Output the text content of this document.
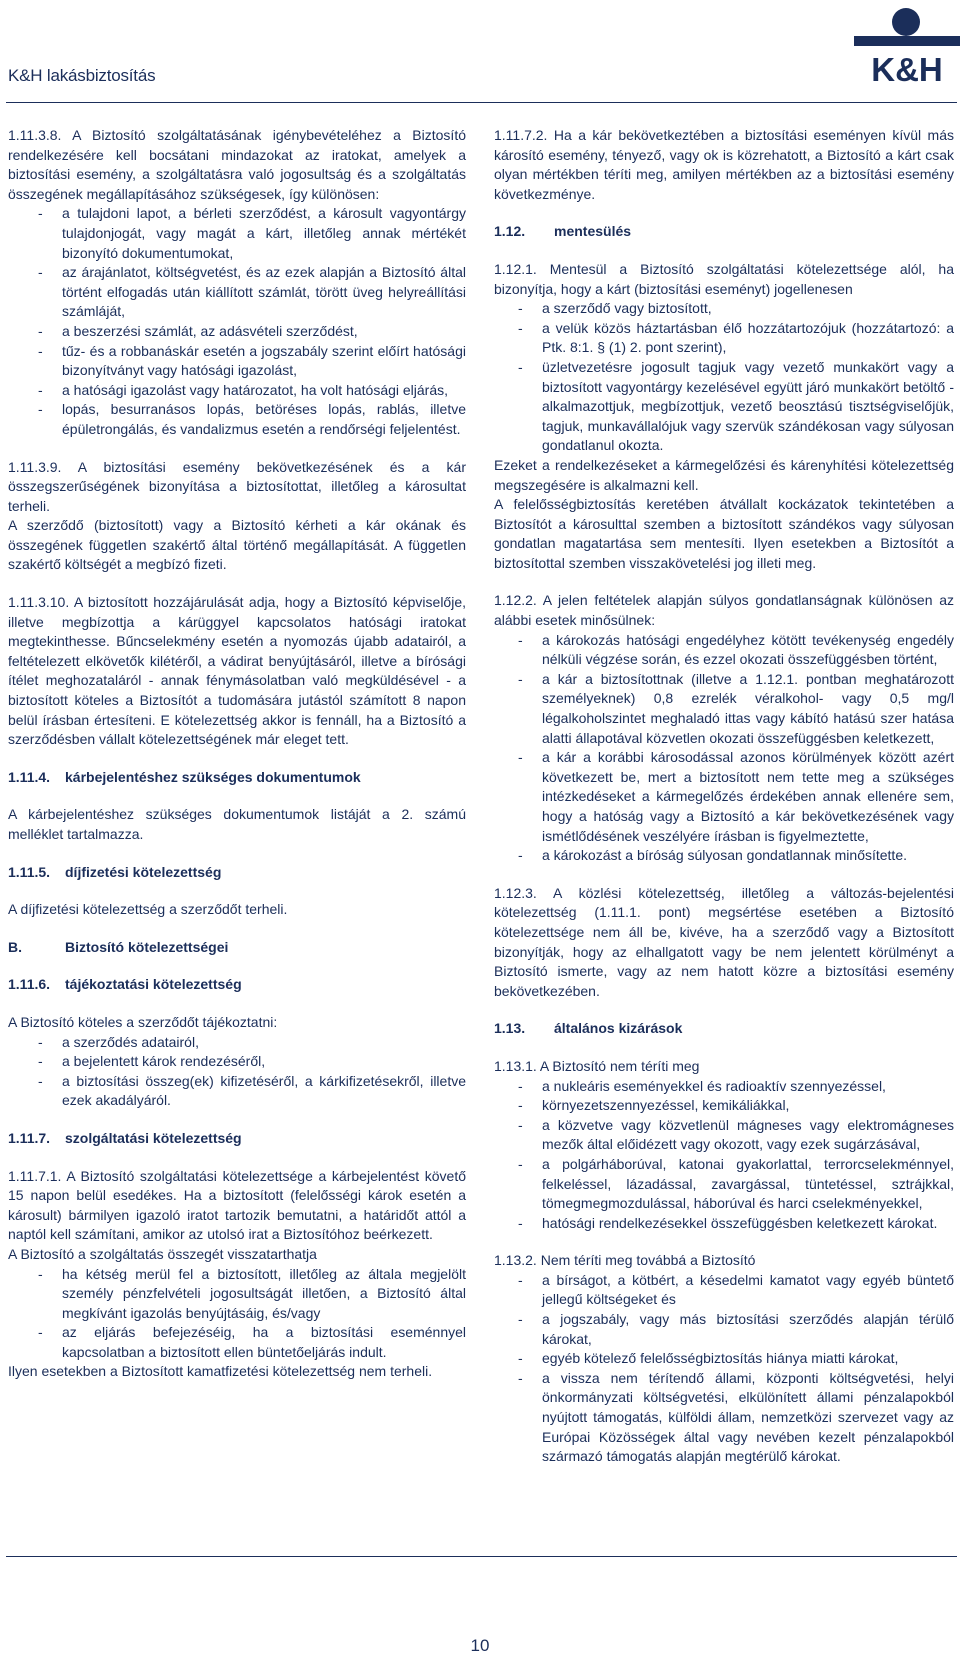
K&H lakásbiztosítás	K&H

1.11.3.8. A Biztosító szolgáltatásának igénybevételéhez a Biztosító rendelkezésére kell bocsátani mindazokat az iratokat, amelyek a biztosítási esemény, a szolgáltatásra való jogosultság és a szolgáltatás összegének megállapításához szükségesek, így különösen:

- a tulajdoni lapot, a bérleti szerződést, a károsult vagyontárgy tulajdonjogát, vagy magát a kárt, illetőleg annak mértékét bizonyító dokumentumokat,
- az árajánlatot, költségvetést, és az ezek alapján a Biztosító által történt elfogadás után kiállított számlát, törött üveg helyreállítási számláját,
- a beszerzési számlát, az adásvételi szerződést,
- tűz- és a robbanáskár esetén a jogszabály szerint előírt hatósági bizonyítványt vagy hatósági igazolást,
- a hatósági igazolást vagy határozatot, ha volt hatósági eljárás,
- lopás, besurranásos lopás, betöréses lopás, rablás, illetve épületrongálás, és vandalizmus esetén a rendőrségi feljelentést.

1.11.3.9. A biztosítási esemény bekövetkezésének és a kár összegszerűségének bizonyítása a biztosítottat, illetőleg a károsultat terheli.

A szerződő (biztosított) vagy a Biztosító kérheti a kár okának és összegének független szakértő által történő megállapítását. A független szakértő költségét a megbízó fizeti.

1.11.3.10. A biztosított hozzájárulását adja, hogy a Biztosító képviselője, illetve megbízottja a kárüggyel kapcsolatos hatósági iratokat megtekinthesse. Bűncselekmény esetén a nyomozás újabb adatairól, a feltételezett elkövetők kilétéről, a vádirat benyújtásáról, illetve a bírósági ítélet meghozataláról - annak fénymásolatban való megküldésével - a biztosított köteles a Biztosítót a tudomására jutástól számított 8 napon belül írásban értesíteni. E kötelezettség akkor is fennáll, ha a Biztosító a szerződésben vállalt kötelezettségének már eleget tett.

1.11.4. kárbejelentéshez szükséges dokumentumok

A kárbejelentéshez szükséges dokumentumok listáját a 2. számú melléklet tartalmazza.

1.11.5. díjfizetési kötelezettség

A díjfizetési kötelezettség a szerződőt terheli.

B.	Biztosító kötelezettségei

1.11.6. tájékoztatási kötelezettség

A Biztosító köteles a szerződőt tájékoztatni:

- a szerződés adatairól,
- a bejelentett károk rendezéséről,
- a biztosítási összeg(ek) kifizetéséről, a kárkifizetésekről, illetve ezek akadályáról.

1.11.7. szolgáltatási kötelezettség

1.11.7.1. A Biztosító szolgáltatási kötelezettsége a kárbejelentést követő 15 napon belül esedékes. Ha a biztosított (felelősségi károk esetén a károsult) bármilyen igazoló iratot tartozik bemutatni, a határidőt attól a naptól kell számítani, amikor az utolsó irat a Biztosítóhoz beérkezett.

A Biztosító a szolgáltatás összegét visszatarthatja

- ha kétség merül fel a biztosított, illetőleg az általa megjelölt személy pénzfelvételi jogosultságát illetően, a Biztosító által megkívánt igazolás benyújtásáig, és/vagy
- az eljárás befejezéséig, ha a biztosítási eseménnyel kapcsolatban a biztosított ellen büntetőeljárás indult.

Ilyen esetekben a Biztosított kamatfizetési kötelezettség nem terheli.

1.11.7.2. Ha a kár bekövetkeztében a biztosítási eseményen kívül más károsító esemény, tényező, vagy ok is közrehatott, a Biztosító a kárt csak olyan mértékben téríti meg, amilyen mértékben az a biztosítási esemény következménye.

1.12. mentesülés

1.12.1. Mentesül a Biztosító szolgáltatási kötelezettsége alól, ha bizonyítja, hogy a kárt (biztosítási eseményt) jogellenesen

- a szerződő vagy biztosított,
- a velük közös háztartásban élő hozzátartozójuk (hozzátartozó: a Ptk. 8:1. § (1) 2. pont szerint),
- üzletvezetésre jogosult tagjuk vagy vezető munkakört vagy a biztosított vagyontárgy kezelésével együtt járó munkakört betöltő - alkalmazottjuk, megbízottjuk, vezető beosztású tisztségviselőjük, tagjuk, munkavállalójuk vagy szervük szándékosan vagy súlyosan gondatlanul okozta.

Ezeket a rendelkezéseket a kármegelőzési és kárenyhítési kötelezettség megszegésére is alkalmazni kell.

A felelősségbiztosítás keretében átvállalt kockázatok tekintetében a Biztosítót a károsulttal szemben a biztosított szándékos vagy súlyosan gondatlan magatartása sem mentesíti. Ilyen esetekben a Biztosítót a biztosítottal szemben visszakövetelési jog illeti meg.

1.12.2. A jelen feltételek alapján súlyos gondatlanságnak különösen az alábbi esetek minősülnek:

- a károkozás hatósági engedélyhez kötött tevékenység engedély nélküli végzése során, és ezzel okozati összefüggésben történt,
- a kár a biztosítottnak (illetve a 1.12.1. pontban meghatározott személyeknek) 0,8 ezrelék véralkohol- vagy 0,5 mg/l légalkoholszintet meghaladó ittas vagy kábító hatású szer hatása alatti állapotával közvetlen okozati összefüggésben keletkezett,
- a kár a korábbi károsodással azonos körülmények között azért következett be, mert a biztosított nem tette meg a szükséges intézkedéseket a kármegelőzés érdekében annak ellenére sem, hogy a hatóság vagy a Biztosító a kár bekövetkezésének vagy ismétlődésének veszélyére írásban is figyelmeztette,
- a károkozást a bíróság súlyosan gondatlannak minősítette.

1.12.3. A közlési kötelezettség, illetőleg a változás-bejelentési kötelezettség (1.11.1. pont) megsértése esetében a Biztosító kötelezettsége nem áll be, kivéve, ha a szerződő vagy a Biztosított bizonyítják, hogy az elhallgatott vagy be nem jelentett körülményt a Biztosító ismerte, vagy az nem hatott közre a biztosítási esemény bekövetkezében.

1.13. általános kizárások

1.13.1. A Biztosító nem téríti meg

- a nukleáris eseményekkel és radioaktív szennyezéssel,
- környezetszennyezéssel, kemikáliákkal,
- a közvetve vagy közvetlenül mágneses vagy elektromágneses mezők által előidézett vagy okozott, vagy ezek sugárzásával,
- a polgárháborúval, katonai gyakorlattal, terrorcselekménnyel, felkeléssel, lázadással, zavargással, tüntetéssel, sztrájkkal, tömegmegmozdulással, háborúval és harci cselekményekkel,
- hatósági rendelkezésekkel összefüggésben keletkezett károkat.

1.13.2. Nem téríti meg továbbá a Biztosító

- a bírságot, a kötbért, a késedelmi kamatot vagy egyéb büntető jellegű költségeket és
- a jogszabály, vagy más biztosítási szerződés alapján térülő károkat,
- egyéb kötelező felelősségbiztosítás hiánya miatti károkat,
- a vissza nem térítendő állami, központi költségvetési, helyi önkormányzati költségvetési, elkülönített állami pénzalapokból nyújtott támogatás, külföldi állam, nemzetközi szervezet vagy az Európai Közösségek által vagy nevében kezelt pénzalapokból származó támogatás alapján megtérülő károkat.
10
